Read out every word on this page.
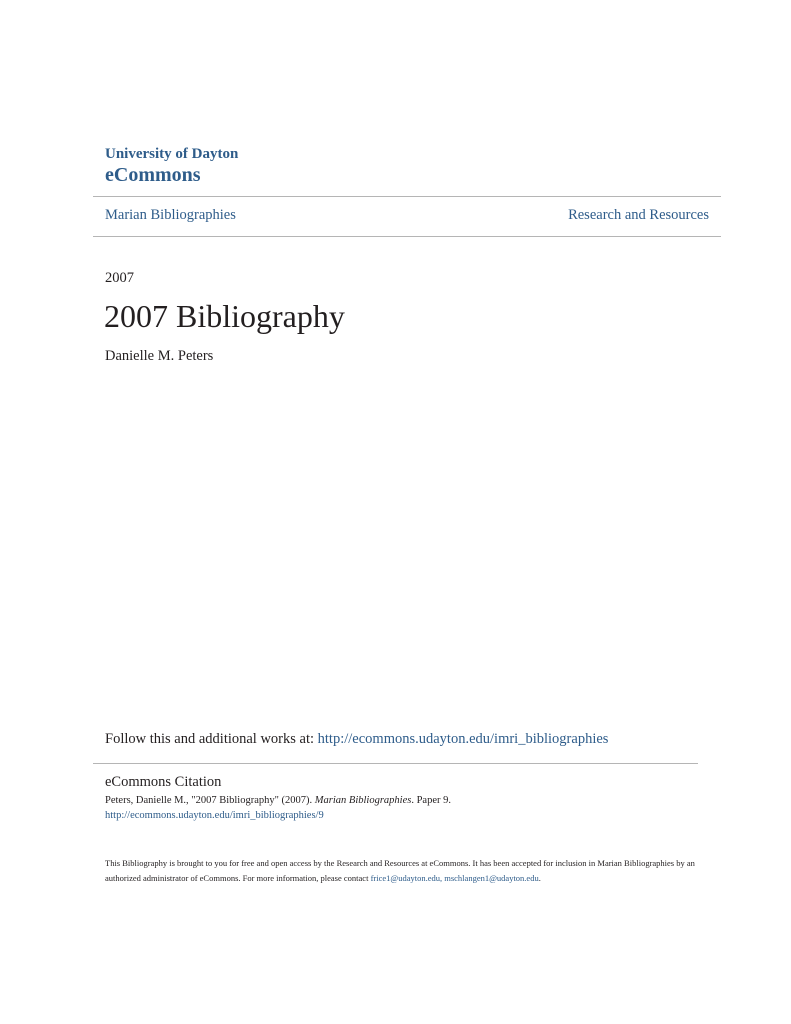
University of Dayton
eCommons
Marian Bibliographies	Research and Resources
2007
2007 Bibliography
Danielle M. Peters
Follow this and additional works at: http://ecommons.udayton.edu/imri_bibliographies
eCommons Citation
Peters, Danielle M., "2007 Bibliography" (2007). Marian Bibliographies. Paper 9.
http://ecommons.udayton.edu/imri_bibliographies/9

This Bibliography is brought to you for free and open access by the Research and Resources at eCommons. It has been accepted for inclusion in Marian Bibliographies by an authorized administrator of eCommons. For more information, please contact frice1@udayton.edu, mschlangen1@udayton.edu.
